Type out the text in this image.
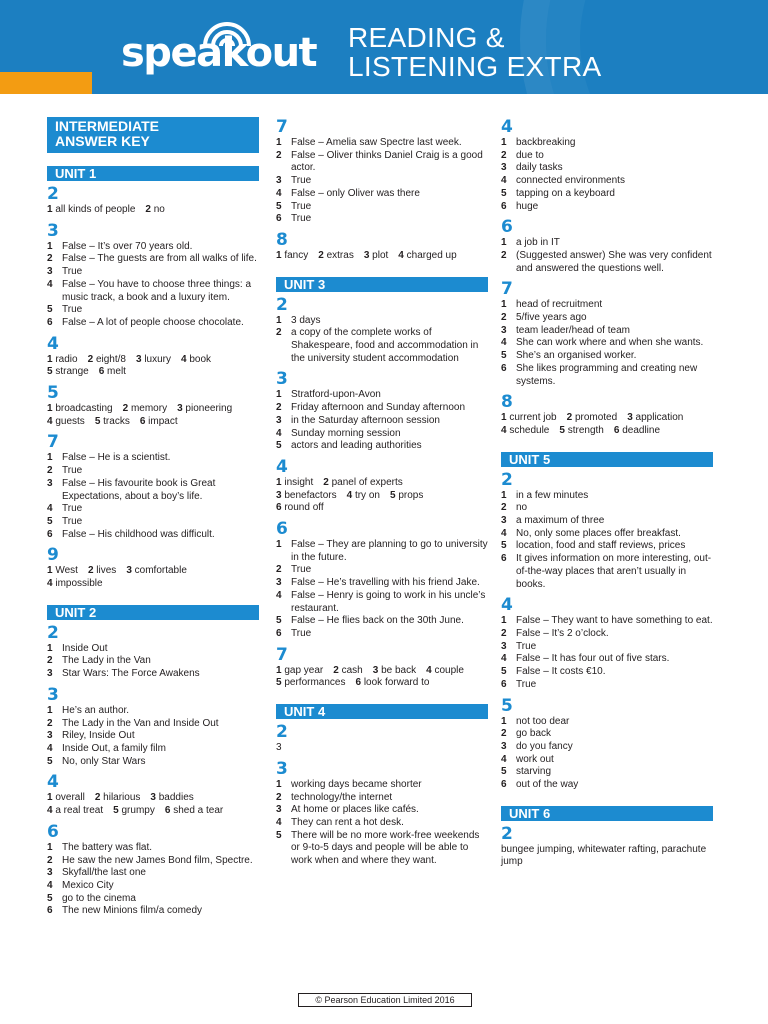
speakout READING &
LISTENING EXTRA
INTERMEDIATE
ANSWER KEY
UNIT 1
2
1 all kinds of people  2 no 
3
1 False – It’s over 70 years old.
2 False – The guests are from all walks of life.
3 True
4 False – You have to choose three things: a music track, a book and a luxury item.
5 True
6 False – A lot of people choose chocolate.
4
1 radio  2 eight/8  3 luxury  4 book
5 strange  6 melt
5
1 broadcasting  2 memory  3 pioneering
4 guests  5 tracks  6 impact
7
1 False – He is a scientist.
2 True
3 False – His favourite book is Great Expectations, about a boy’s life.
4 True
5 True
6 False – His childhood was difficult.
9
1 West  2 lives  3 comfortable
4 impossible
UNIT 2
2
1 Inside Out
2 The Lady in the Van
3 Star Wars: The Force Awakens
3
1 He’s an author.
2 The Lady in the Van and Inside Out
3 Riley, Inside Out
4 Inside Out, a family film
5 No, only Star Wars
4
1 overall  2 hilarious  3 baddies
4 a real treat  5 grumpy  6 shed a tear
6
1 The battery was flat.
2 He saw the new James Bond film, Spectre.
3 Skyfall/the last one
4 Mexico City
5 go to the cinema
6 The new Minions film/a comedy
7
1 False – Amelia saw Spectre last week.
2 False – Oliver thinks Daniel Craig is a good actor.
3 True
4 False – only Oliver was there
5 True
6 True
8
1 fancy  2 extras  3 plot  4 charged up
UNIT 3
2
1 3 days
2 a copy of the complete works of Shakespeare, food and accommodation in the university student accommodation
3
1 Stratford-upon-Avon
2 Friday afternoon and Sunday afternoon
3 in the Saturday afternoon session
4 Sunday morning session
5 actors and leading authorities
4
1 insight  2 panel of experts
3 benefactors  4 try on  5 props
6 round off
6
1 False – They are planning to go to university in the future.
2 True
3 False – He’s travelling with his friend Jake.
4 False – Henry is going to work in his uncle’s restaurant.
5 False – He flies back on the 30th June.
6 True
7
1 gap year  2 cash  3 be back  4 couple
5 performances  6 look forward to
UNIT 4
2
3
3
1 working days became shorter
2 technology/the internet
3 At home or places like cafés.
4 They can rent a hot desk.
5 There will be no more work-free weekends or 9-to-5 days and people will be able to work when and where they want.
4
1 backbreaking
2 due to
3 daily tasks
4 connected environments
5 tapping on a keyboard
6 huge
6
1 a job in IT
2 (Suggested answer) She was very confident and answered the questions well.
7
1 head of recruitment
2 5/five years ago
3 team leader/head of team
4 She can work where and when she wants.
5 She’s an organised worker.
6 She likes programming and creating new systems.
8
1 current job  2 promoted  3 application
4 schedule  5 strength  6 deadline
UNIT 5
2
1 in a few minutes
2 no
3 a maximum of three
4 No, only some places offer breakfast.
5 location, food and staff reviews, prices
6 It gives information on more interesting, out-of-the-way places that aren’t usually in books.
4
1 False – They want to have something to eat.
2 False – It’s 2 o’clock.
3 True
4 False – It has four out of five stars.
5 False – It costs €10.
6 True
5
1 not too dear
2 go back
3 do you fancy
4 work out
5 starving
6 out of the way
UNIT 6
2
bungee jumping, whitewater rafting, parachute jump
© Pearson Education Limited 2016
